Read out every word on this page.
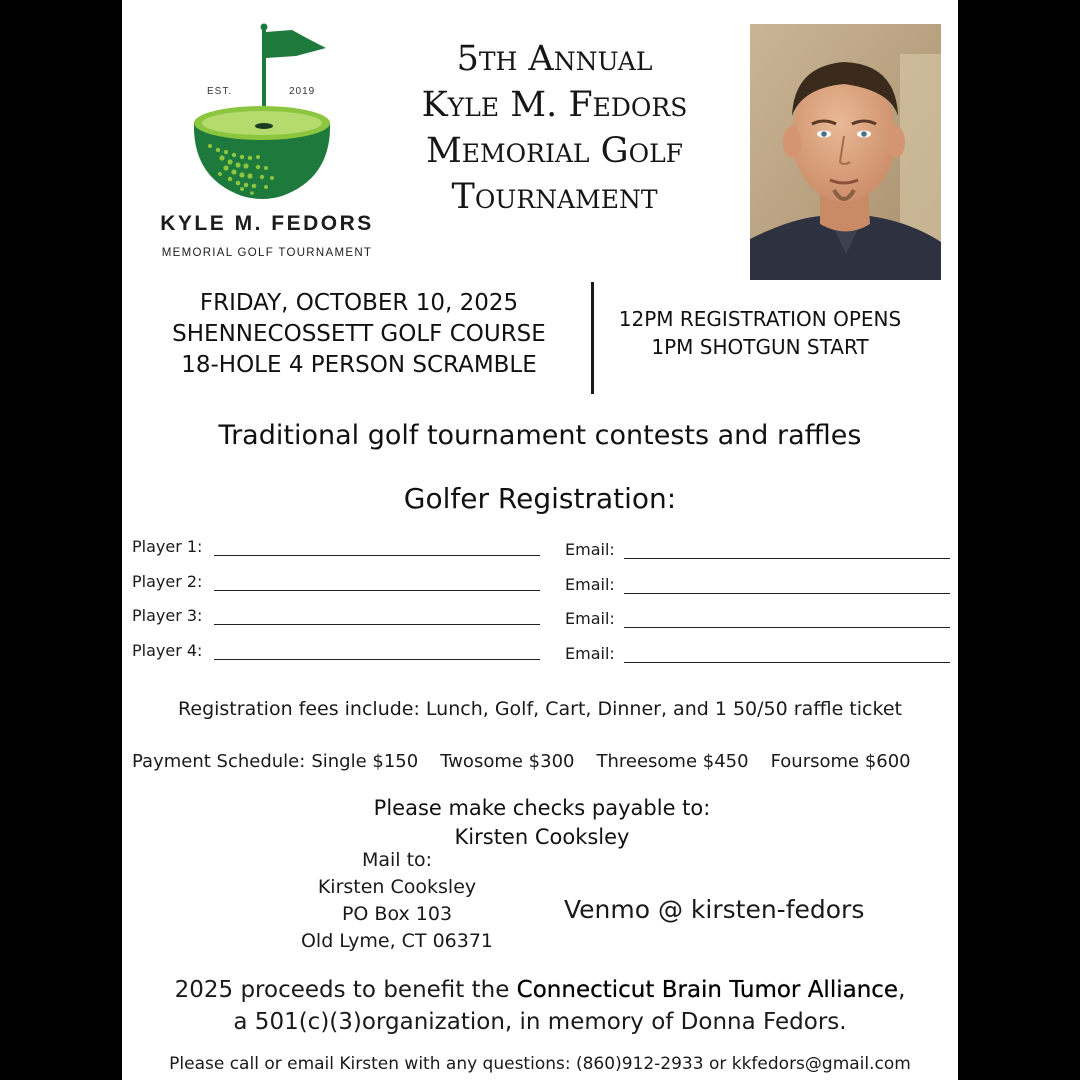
EST.	2019
KYLE M. FEDORS
MEMORIAL GOLF TOURNAMENT
5th Annual
Kyle M. Fedors
Memorial Golf
Tournament
FRIDAY, OCTOBER 10, 2025
SHENNECOSSETT GOLF COURSE
18-HOLE 4 PERSON SCRAMBLE
12PM REGISTRATION OPENS
1PM SHOTGUN START
Traditional golf tournament contests and raffles
Golfer Registration:
Player 1:	Email:
Player 2:	Email:
Player 3:	Email:
Player 4:	Email:
Registration fees include: Lunch, Golf, Cart, Dinner, and 1 50/50 raffle ticket
Payment Schedule: Single $150 Twosome $300 Threesome $450 Foursome $600
Please make checks payable to:
Kirsten Cooksley
Mail to:
Kirsten Cooksley
PO Box 103
Old Lyme, CT 06371
Venmo @ kirsten-fedors
2025 proceeds to benefit the Connecticut Brain Tumor Alliance,
a 501(c)(3)organization, in memory of Donna Fedors.
Please call or email Kirsten with any questions: (860)912-2933 or kkfedors@gmail.com
